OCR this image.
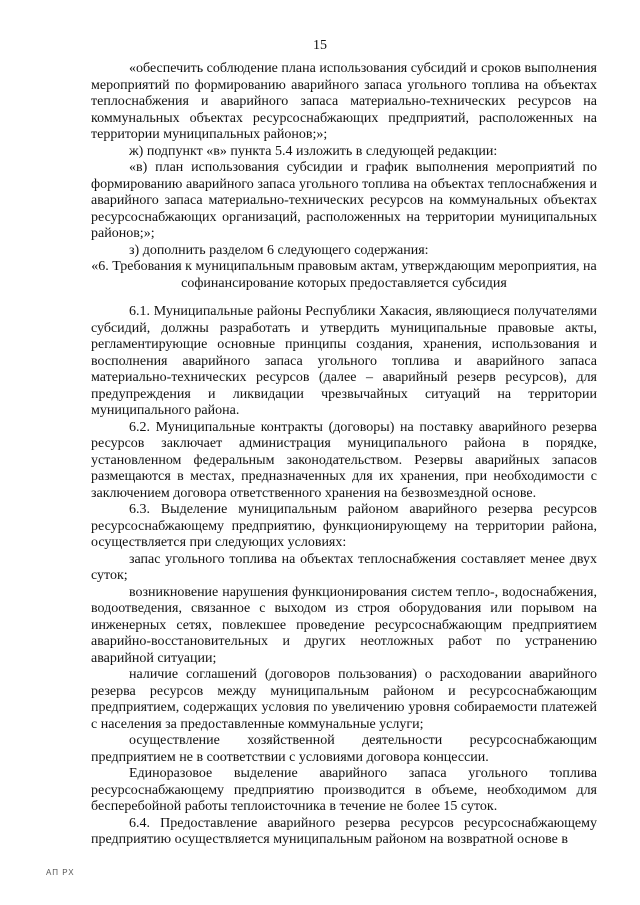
15

«обеспечить соблюдение плана использования субсидий и сроков выполнения мероприятий по формированию аварийного запаса угольного топлива на объектах теплоснабжения и аварийного запаса материально-технических ресурсов на коммунальных объектах ресурсоснабжающих предприятий, расположенных на территории муниципальных районов;»;

ж) подпункт «в» пункта 5.4 изложить в следующей редакции:

«в) план использования субсидии и график выполнения мероприятий по формированию аварийного запаса угольного топлива на объектах теплоснабжения и аварийного запаса материально-технических ресурсов на коммунальных объектах ресурсоснабжающих организаций, расположенных на территории муниципальных районов;»;

з) дополнить разделом 6 следующего содержания:

«6. Требования к муниципальным правовым актам, утверждающим мероприятия, на софинансирование которых предоставляется субсидия

6.1. Муниципальные районы Республики Хакасия, являющиеся получателями субсидий, должны разработать и утвердить муниципальные правовые акты, регламентирующие основные принципы создания, хранения, использования и восполнения аварийного запаса угольного топлива и аварийного запаса материально-технических ресурсов (далее – аварийный резерв ресурсов), для предупреждения и ликвидации чрезвычайных ситуаций на территории муниципального района.

6.2. Муниципальные контракты (договоры) на поставку аварийного резерва ресурсов заключает администрация муниципального района в порядке, установленном федеральным законодательством. Резервы аварийных запасов размещаются в местах, предназначенных для их хранения, при необходимости с заключением договора ответственного хранения на безвозмездной основе.

6.3. Выделение муниципальным районом аварийного резерва ресурсов ресурсоснабжающему предприятию, функционирующему на территории района, осуществляется при следующих условиях:

запас угольного топлива на объектах теплоснабжения составляет менее двух суток;

возникновение нарушения функционирования систем тепло-, водоснабжения, водоотведения, связанное с выходом из строя оборудования или порывом на инженерных сетях, повлекшее проведение ресурсоснабжающим предприятием аварийно-восстановительных и других неотложных работ по устранению аварийной ситуации;

наличие соглашений (договоров пользования) о расходовании аварийного резерва ресурсов между муниципальным районом и ресурсоснабжающим предприятием, содержащих условия по увеличению уровня собираемости платежей с населения за предоставленные коммунальные услуги;

осуществление хозяйственной деятельности ресурсоснабжающим предприятием не в соответствии с условиями договора концессии.

Единоразовое выделение аварийного запаса угольного топлива ресурсоснабжающему предприятию производится в объеме, необходимом для бесперебойной работы теплоисточника в течение не более 15 суток.

6.4. Предоставление аварийного резерва ресурсов ресурсоснабжающему предприятию осуществляется муниципальным районом на возвратной основе в

АП РХ
